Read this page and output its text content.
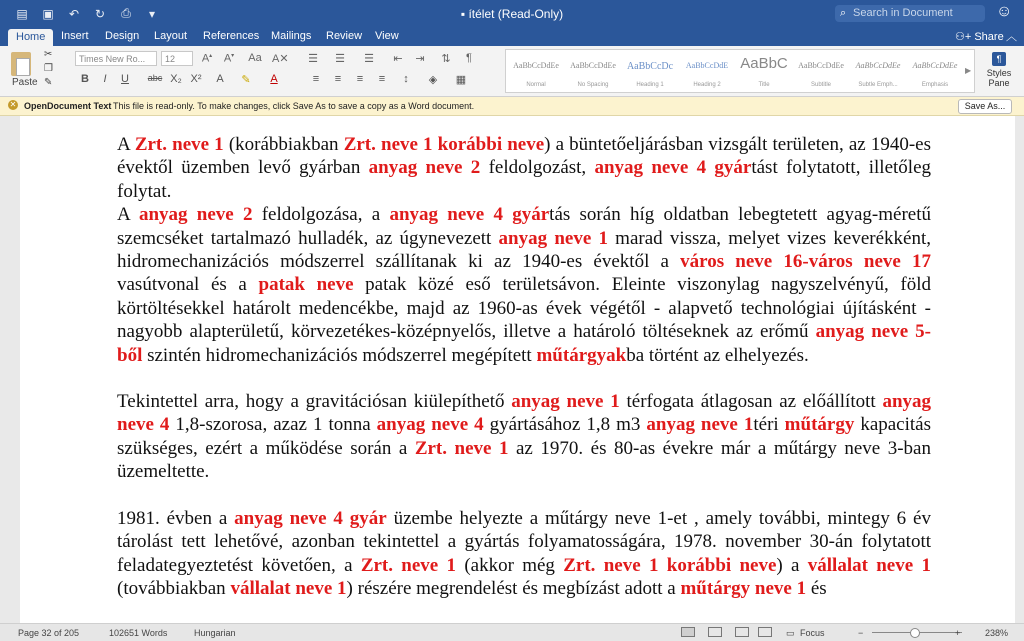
▤ ▣ ↶ ↻ ⎙	▾	▪ ítélet (Read-Only)	⌕ Search in Document	☺
Home	Insert Design Layout References Mailings Review View	⚇+ Share ︿
Paste
✂
❐
✎
Times New Ro...	12	A▴ A▾ Aa A✕
B	I	U	abc X₂ X²	A	✎	A
☰ ☰ ☰	⇤	⇥	⇅	¶
≡	≡	≡	≡	↕	◈	▦
AaBbCcDdEe
Normal
AaBbCcDdEe
No Spacing
AaBbCcDc
Heading 1
AaBbCcDdE
Heading 2
AaBbC
Title
AaBbCcDdEe
Subtitle
AaBbCcDdEe
Subtle Emph...
AaBbCcDdEe
Emphasis
▶
¶
Styles Pane
✕ OpenDocument Text This file is read-only. To make changes, click Save As to save a copy as a Word document.	Save As...

A Zrt. neve 1 (korábbiakban Zrt. neve 1 korábbi neve) a büntetőeljárásban vizsgált területen, az 1940-es évektől üzemben levő gyárban anyag neve 2 feldolgozást, anyag neve 4 gyártást folytatott, illetőleg folytat.

A anyag neve 2 feldolgozása, a anyag neve 4 gyártás során híg oldatban lebegtetett agyag-méretű szemcséket tartalmazó hulladék, az úgynevezett anyag neve 1 marad vissza, melyet vizes keverékként, hidromechanizációs módszerrel szállítanak ki az 1940-es évektől a város neve 16-város neve 17 vasútvonal és a patak neve patak közé eső területsávon. Eleinte viszonylag nagyszelvényű, föld körtöltésekkel határolt medencékbe, majd az 1960-as évek végétől - alapvető technológiai újításként - nagyobb alapterületű, körvezetékes-középnyelős, illetve a határoló töltéseknek az erőmű anyag neve 5-ből szintén hidromechanizációs módszerrel megépített műtárgyakba történt az elhelyezés.

Tekintettel arra, hogy a gravitációsan kiülepíthető anyag neve 1 térfogata átlagosan az előállított anyag neve 4 1,8-szorosa, azaz 1 tonna anyag neve 4 gyártásához 1,8 m3 anyag neve 1téri műtárgy kapacitás szükséges, ezért a működése során a Zrt. neve 1 az 1970. és 80-as évekre már a műtárgy neve 3-ban üzemeltette.

1981. évben a anyag neve 4 gyár üzembe helyezte a műtárgy neve 1-et , amely további, mintegy 6 év tárolást tett lehetővé, azonban tekintettel a gyártás folyamatosságára, 1978. november 30-án folytatott feladategyeztetést követően, a Zrt. neve 1 (akkor még Zrt. neve 1 korábbi neve) a vállalat neve 1 (továbbiakban vállalat neve 1) részére megrendelést és megbízást adott a műtárgy neve 1 és

Page 32 of 205	102651 Words	Hungarian	▭ Focus	−	+	238%
